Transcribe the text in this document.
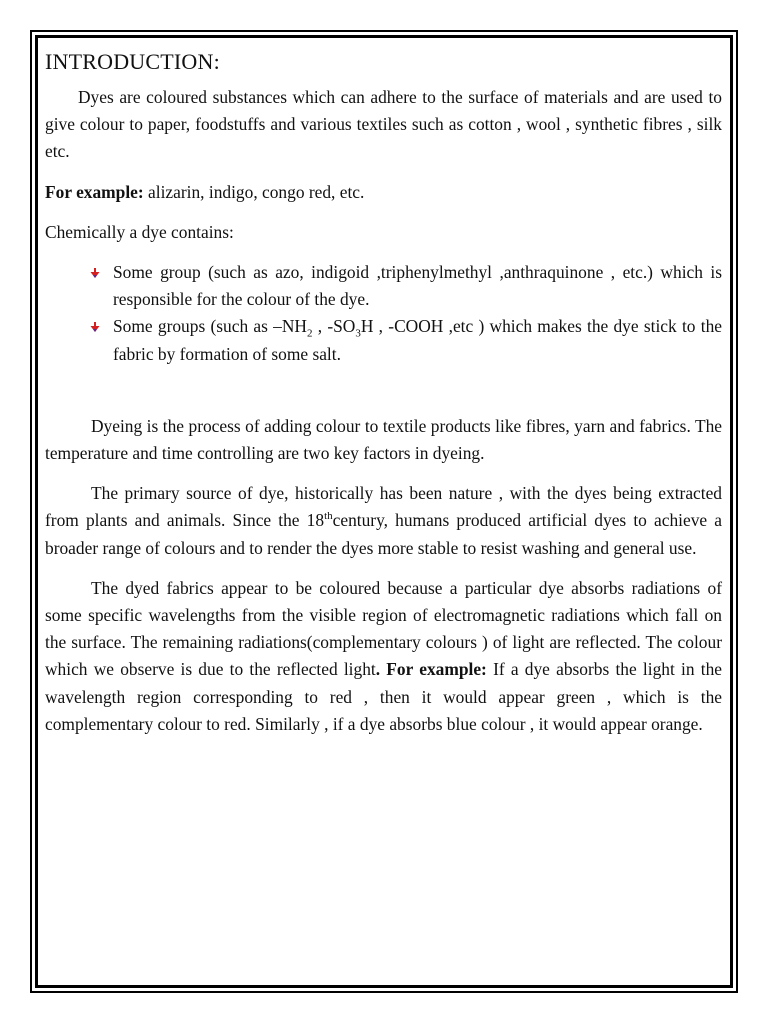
INTRODUCTION:

Dyes are coloured substances which can adhere to the surface of materials and are used to give colour to paper, foodstuffs and various textiles such as cotton , wool , synthetic fibres , silk etc.

For example: alizarin, indigo, congo red, etc.

Chemically a dye contains:

Some group (such as azo, indigoid ,triphenylmethyl ,anthraquinone , etc.) which is responsible for the colour of the dye.
Some groups (such as $-NH_2$ , $-SO_3H$ , -COOH ,etc ) which makes the dye stick to the fabric by formation of some salt.

Dyeing is the process of adding colour to textile products like fibres, yarn and fabrics. The temperature and time controlling are two key factors in dyeing.

The primary source of dye, historically has been nature , with the dyes being extracted from plants and animals. Since the 18thcentury, humans produced artificial dyes to achieve a broader range of colours and to render the dyes more stable to resist washing and general use.

The dyed fabrics appear to be coloured because a particular dye absorbs radiations of some specific wavelengths from the visible region of electromagnetic radiations which fall on the surface. The remaining radiations(complementary colours ) of light are reflected. The colour which we observe is due to the reflected light. For example: If a dye absorbs the light in the wavelength region corresponding to red , then it would appear green , which is the complementary colour to red. Similarly , if a dye absorbs blue colour , it would appear orange.
